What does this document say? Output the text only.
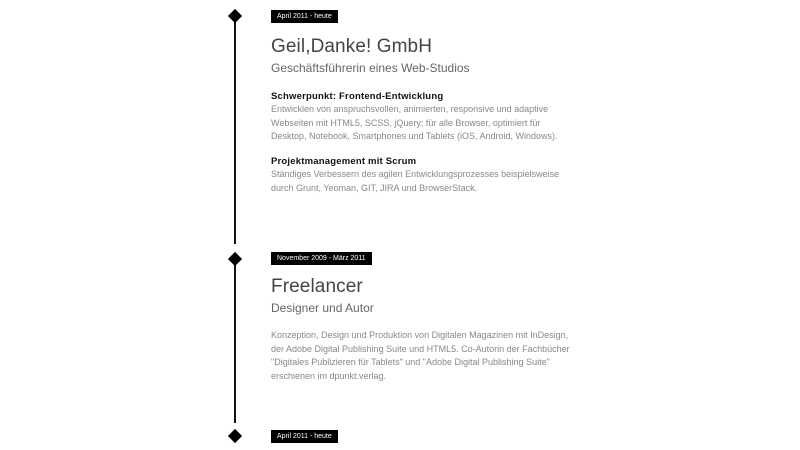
April 2011 - heute
Geil,Danke! GmbH

Geschäftsführerin eines Web-Studios

Schwerpunkt: Frontend-Entwicklung

Entwicklen von anspruchsvollen, animierten, responsive und adaptive Webseiten mit HTML5, SCSS, jQuery; für alle Browser, optimiert für Desktop, Notebook, Smartphones und Tablets (iOS, Android, Windows).

Projektmanagement mit Scrum

Ständiges Verbessern des agilen Entwicklungsprozesses beispielsweise durch Grunt, Yeoman, GIT, JIRA und BrowserStack.

November 2009 - März 2011
Freelancer

Designer und Autor

Konzeption, Design und Produktion von Digitalen Magazinen mit InDesign, der Adobe Digital Publishing Suite und HTML5. Co-Autorin der Fachbücher "Digitales Publizieren für Tablets" und "Adobe Digital Publishing Suite" erschienen im dpunkt.verlag.

April 2011 - heute
